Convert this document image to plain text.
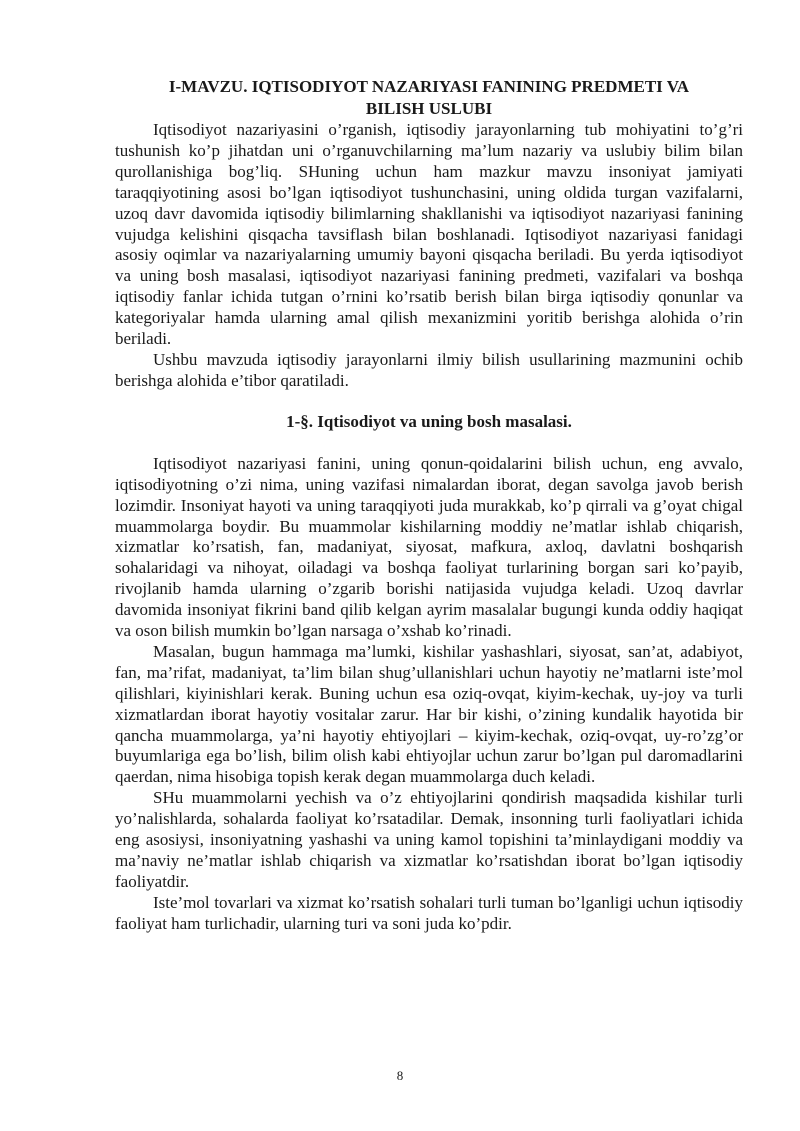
I-MAVZU. IQTISODIYOT NAZARIYASI FANINING PREDMETI VA
BILISH USLUBI

Iqtisodiyot nazariyasini o’rganish, iqtisodiy jarayonlarning tub mohiyatini to’g’ri tushunish ko’p jihatdan uni o’rganuvchilarning ma’lum nazariy va uslubiy bilim bilan qurollanishiga bog’liq. SHuning uchun ham mazkur mavzu insoniyat jamiyati taraqqiyotining asosi bo’lgan iqtisodiyot tushunchasini, uning oldida turgan vazifalarni, uzoq davr davomida iqtisodiy bilimlarning shakllanishi va iqtisodiyot nazariyasi fanining vujudga kelishini qisqacha tavsiflash bilan boshlanadi. Iqtisodiyot nazariyasi fanidagi asosiy oqimlar va nazariyalarning umumiy bayoni qisqacha beriladi. Bu yerda iqtisodiyot va uning bosh masalasi, iqtisodiyot nazariyasi fanining predmeti, vazifalari va boshqa iqtisodiy fanlar ichida tutgan o’rnini ko’rsatib berish bilan birga iqtisodiy qonunlar va kategoriyalar hamda ularning amal qilish mexanizmini yoritib berishga alohida o’rin beriladi.

Ushbu mavzuda iqtisodiy jarayonlarni ilmiy bilish usullarining mazmunini ochib berishga alohida e’tibor qaratiladi.

1-§. Iqtisodiyot va uning bosh masalasi.

Iqtisodiyot nazariyasi fanini, uning qonun-qoidalarini bilish uchun, eng avvalo, iqtisodiyotning o’zi nima, uning vazifasi nimalardan iborat, degan savolga javob berish lozimdir. Insoniyat hayoti va uning taraqqiyoti juda murakkab, ko’p qirrali va g’oyat chigal muammolarga boydir. Bu muammolar kishilarning moddiy ne’matlar ishlab chiqarish, xizmatlar ko’rsatish, fan, madaniyat, siyosat, mafkura, axloq, davlatni boshqarish sohalaridagi va nihoyat, oiladagi va boshqa faoliyat turlarining borgan sari ko’payib, rivojlanib hamda ularning o’zgarib borishi natijasida vujudga keladi. Uzoq davrlar davomida insoniyat fikrini band qilib kelgan ayrim masalalar bugungi kunda oddiy haqiqat va oson bilish mumkin bo’lgan narsaga o’xshab ko’rinadi.

Masalan, bugun hammaga ma’lumki, kishilar yashashlari, siyosat, san’at, adabiyot, fan, ma’rifat, madaniyat, ta’lim bilan shug’ullanishlari uchun hayotiy ne’matlarni iste’mol qilishlari, kiyinishlari kerak. Buning uchun esa oziq-ovqat, kiyim-kechak, uy-joy va turli xizmatlardan iborat hayotiy vositalar zarur. Har bir kishi, o’zining kundalik hayotida bir qancha muammolarga, ya’ni hayotiy ehtiyojlari – kiyim-kechak, oziq-ovqat, uy-ro’zg’or buyumlariga ega bo’lish, bilim olish kabi ehtiyojlar uchun zarur bo’lgan pul daromadlarini qaerdan, nima hisobiga topish kerak degan muammolarga duch keladi.

SHu muammolarni yechish va o’z ehtiyojlarini qondirish maqsadida kishilar turli yo’nalishlarda, sohalarda faoliyat ko’rsatadilar. Demak, insonning turli faoliyatlari ichida eng asosiysi, insoniyatning yashashi va uning kamol topishini ta’minlaydigani moddiy va ma’naviy ne’matlar ishlab chiqarish va xizmatlar ko’rsatishdan iborat bo’lgan iqtisodiy faoliyatdir.

Iste’mol tovarlari va xizmat ko’rsatish sohalari turli tuman bo’lganligi uchun iqtisodiy faoliyat ham turlichadir, ularning turi va soni juda ko’pdir.

8
